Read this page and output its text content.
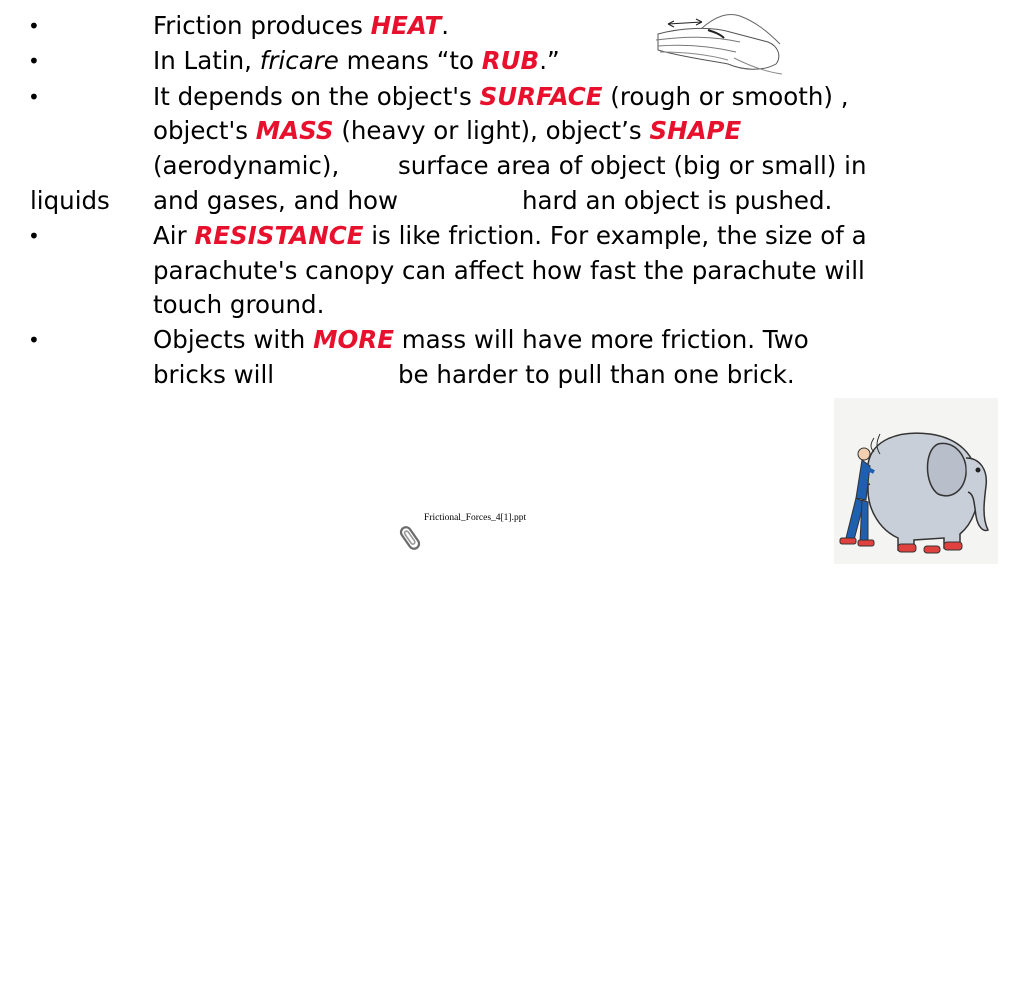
•	Friction produces HEAT.
•	In Latin, fricare means “to RUB.”
•	It depends on the object's SURFACE (rough or smooth) ,
object's MASS (heavy or light), object’s SHAPE
(aerodynamic), surface area of object (big or small) in
liquids and gases, and how	hard an object is pushed.
•	Air RESISTANCE is like friction. For example, the size of a
parachute's canopy can affect how fast the parachute will
touch ground.
•	Objects with MORE mass will have more friction. Two
bricks will	be harder to pull than one brick.
Frictional_Forces_4[1].ppt
